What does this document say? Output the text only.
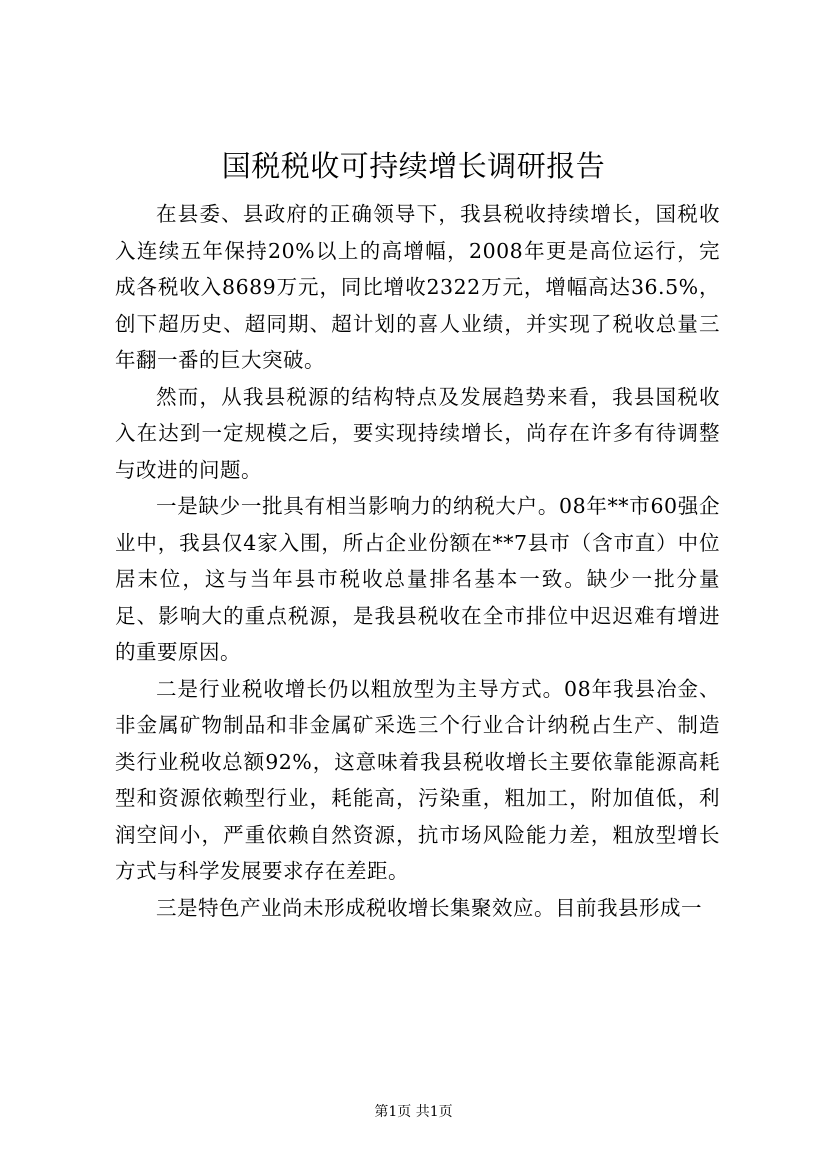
国税税收可持续增长调研报告

在县委、县政府的正确领导下，我县税收持续增长，国税收入连续五年保持20%以上的高增幅，2008年更是高位运行，完成各税收入8689万元，同比增收2322万元，增幅高达36.5%，创下超历史、超同期、超计划的喜人业绩，并实现了税收总量三年翻一番的巨大突破。

然而，从我县税源的结构特点及发展趋势来看，我县国税收入在达到一定规模之后，要实现持续增长，尚存在许多有待调整与改进的问题。

一是缺少一批具有相当影响力的纳税大户。08年**市60强企业中，我县仅4家入围，所占企业份额在**7县市（含市直）中位居末位，这与当年县市税收总量排名基本一致。缺少一批分量足、影响大的重点税源，是我县税收在全市排位中迟迟难有增进的重要原因。

二是行业税收增长仍以粗放型为主导方式。08年我县冶金、非金属矿物制品和非金属矿采选三个行业合计纳税占生产、制造类行业税收总额92%，这意味着我县税收增长主要依靠能源高耗型和资源依赖型行业，耗能高，污染重，粗加工，附加值低，利润空间小，严重依赖自然资源，抗市场风险能力差，粗放型增长方式与科学发展要求存在差距。

三是特色产业尚未形成税收增长集聚效应。目前我县形成一

第1页 共1页
